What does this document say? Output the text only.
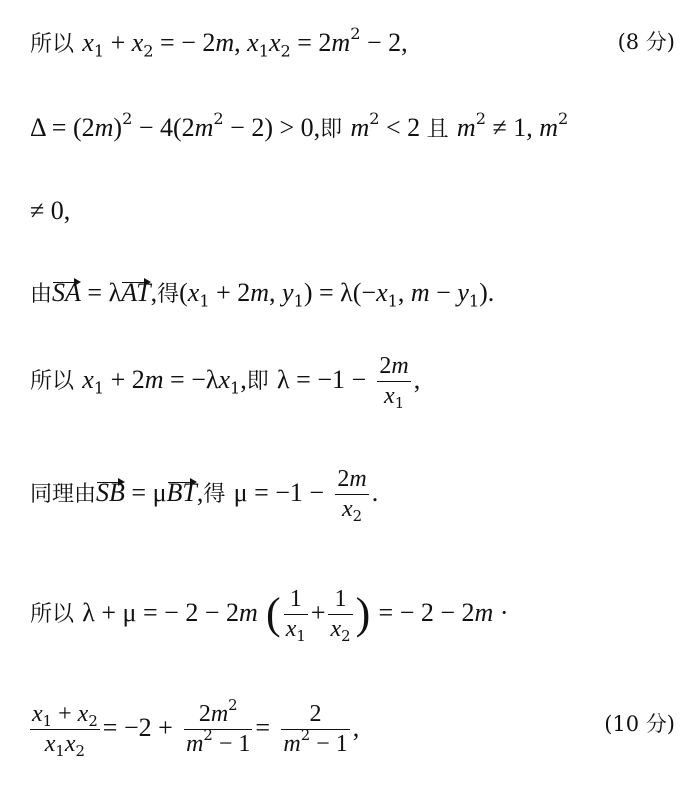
所以 $x_1 + x_2$ = − 2m, $x_1x_2 = 2m^2 - 2$,	(8 分)
$\Delta = (2m)^2 - 4(2m^2 - 2) > 0$,即 $m^2 < 2$ 且 $m^2 \ne 1$, $m^2$
≠ 0,
由SA = λAT,得($x_1 + 2m$, $y_1) = \lambda(-x_1$, $m - y_1$).
所以 $x_1 + 2m = -\lambda x_1$,即 $\lambda = -1 - \frac{2m}{x_1}$ ,
同理由SB = μBT,得 $\mu = -1 - \frac{2m}{x_2}$ .
所以 λ + μ = − 2 − 2m ( $\frac{1}{x_1} + \frac{1}{x_2}$ ) = − 2 − 2m ·
$\frac{x_1 + x_2}{x_1x_2} = -2 + \frac{2m^2}{m^2 - 1} = \frac{2}{m^2 - 1}$ ,	(10 分)
